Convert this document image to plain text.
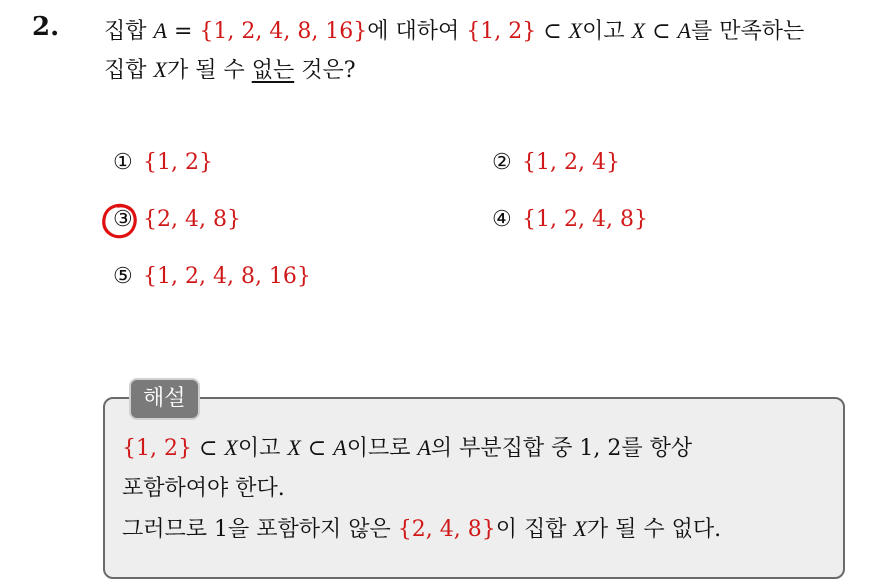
2. 집합 A = {1, 2, 4, 8, 16}에 대하여 {1, 2} ⊂ X이고 X ⊂ A를 만족하는
집합 X가 될 수 없는 것은?
① {1, 2}	② {1, 2, 4}
③ {2, 4, 8}	④ {1, 2, 4, 8}
⑤ {1, 2, 4, 8, 16}
해설
{1, 2} ⊂ X이고 X ⊂ A이므로 A의 부분집합 중 1, 2를 항상
포함하여야 한다.
그러므로 1을 포함하지 않은 {2, 4, 8}이 집합 X가 될 수 없다.
